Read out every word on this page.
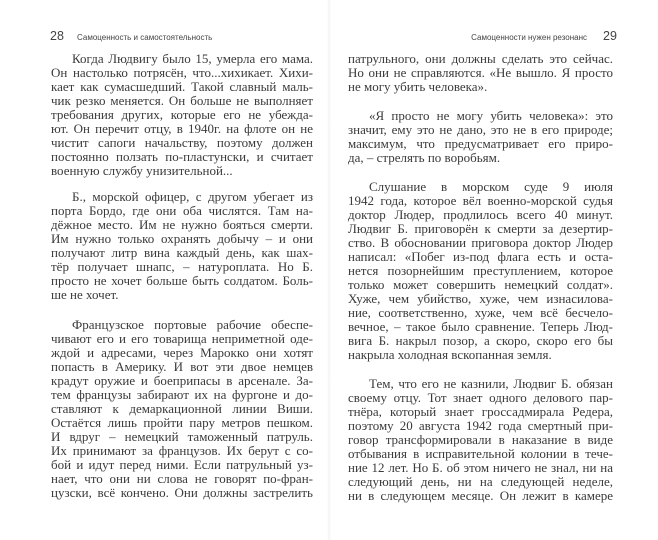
28 Самоценность и самостоятельность
Когда Людвигу было 15, умерла его мама.
Он настолько потрясён, что...хихикает. Хихи-
кает как сумасшедший. Такой славный маль-
чик резко меняется. Он больше не выполняет
требования других, которые его не убежда-
ют. Он перечит отцу, в 1940г. на флоте он не
чистит сапоги начальству, поэтому должен
постоянно ползать по-пластунски, и считает
военную службу унизительной...
Б., морской офицер, с другом убегает из
порта Бордо, где они оба числятся. Там на-
дёжное место. Им не нужно бояться смерти.
Им нужно только охранять добычу – и они
получают литр вина каждый день, как шах-
тёр получает шнапс, – натуроплата. Но Б.
просто не хочет больше быть солдатом. Боль-
ше не хочет.
Французское портовые рабочие обеспе-
чивают его и его товарища неприметной оде-
ждой и адресами, через Марокко они хотят
попасть в Америку. И вот эти двое немцев
крадут оружие и боеприпасы в арсенале. За-
тем французы забирают их на фургоне и до-
ставляют к демаркационной линии Виши.
Остаётся лишь пройти пару метров пешком.
И вдруг – немецкий таможенный патруль.
Их принимают за французов. Их берут с со-
бой и идут перед ними. Если патрульный уз-
нает, что они ни слова не говорят по-фран-
цузски, всё кончено. Они должны застрелить
Самоценности нужен резонанс 29
патрульного, они должны сделать это сейчас.
Но они не справляются. «Не вышло. Я просто
не могу убить человека».
«Я просто не могу убить человека»: это
значит, ему это не дано, это не в его природе;
максимум, что предусматривает его приро-
да, – стрелять по воробьям.
Слушание в морском суде 9 июля
1942 года, которое вёл военно-морской судья
доктор Людер, продлилось всего 40 минут.
Людвиг Б. приговорён к смерти за дезертир-
ство. В обосновании приговора доктор Людер
написал: «Побег из-под флага есть и оста-
нется позорнейшим преступлением, которое
только может совершить немецкий солдат».
Хуже, чем убийство, хуже, чем изнасилова-
ние, соответственно, хуже, чем всё бесчело-
вечное, – такое было сравнение. Теперь Люд-
вига Б. накрыл позор, а скоро, скоро его бы
накрыла холодная вскопанная земля.
Тем, что его не казнили, Людвиг Б. обязан
своему отцу. Тот знает одного делового пар-
тнёра, который знает гроссадмирала Редера,
поэтому 20 августа 1942 года смертный при-
говор трансформировали в наказание в виде
отбывания в исправительной колонии в тече-
ние 12 лет. Но Б. об этом ничего не знал, ни на
следующий день, ни на следующей неделе,
ни в следующем месяце. Он лежит в камере
